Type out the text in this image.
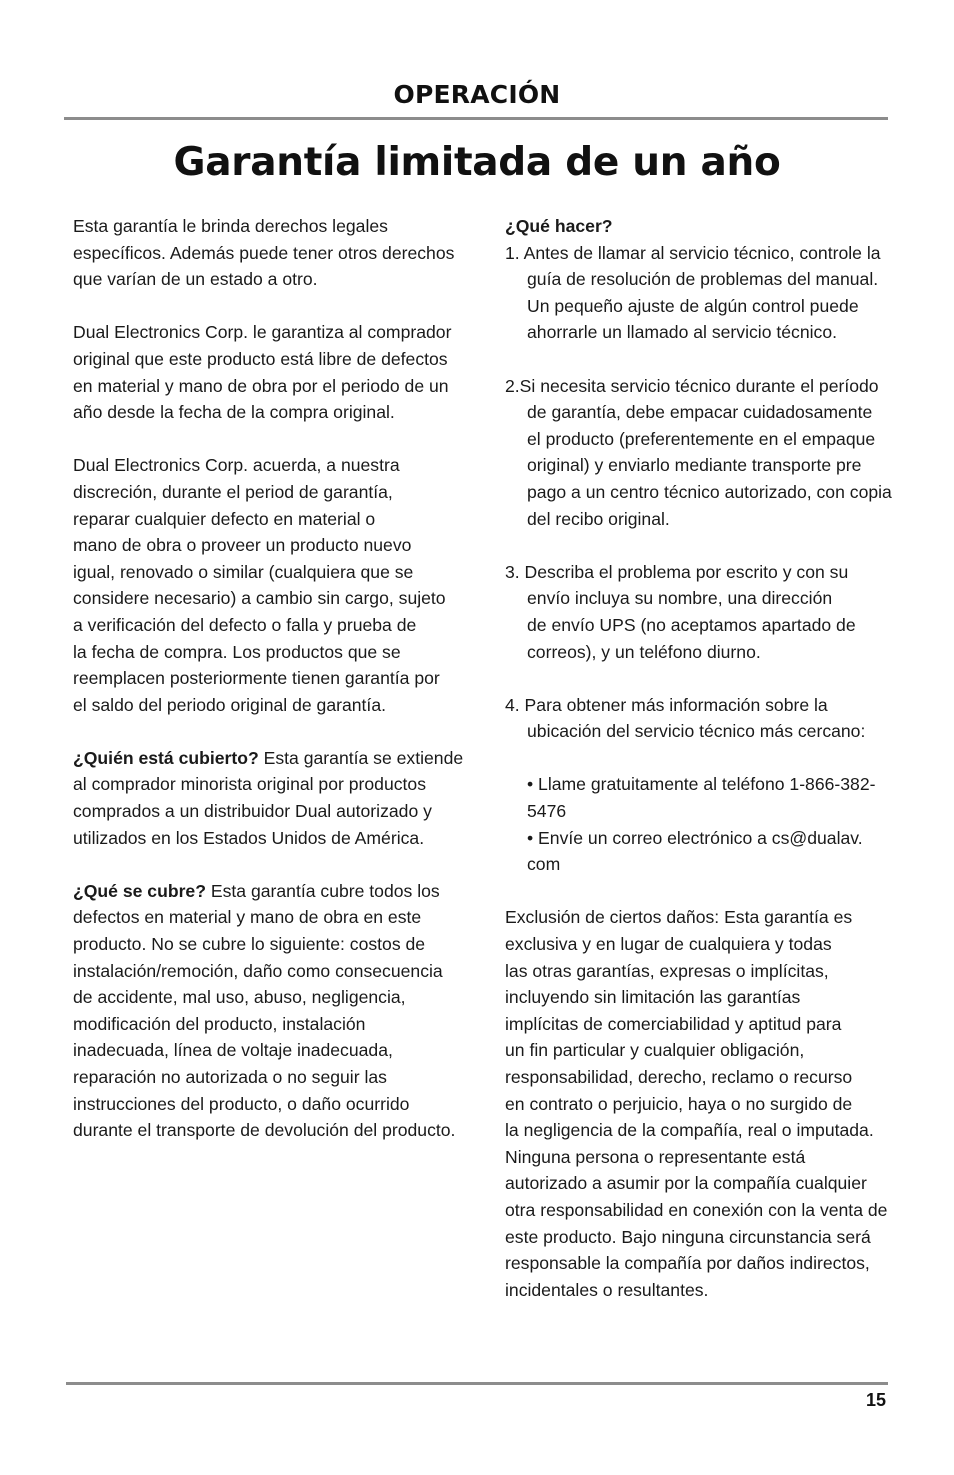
OPERACIÓN
Garantía limitada de un año

Esta garantía le brinda derechos legales
específicos. Además puede tener otros derechos
que varían de un estado a otro.

Dual Electronics Corp. le garantiza al comprador
original que este producto está libre de defectos
en material y mano de obra por el periodo de un
año desde la fecha de la compra original.

Dual Electronics Corp. acuerda, a nuestra
discreción, durante el period de garantía,
reparar cualquier defecto en material o
mano de obra o proveer un producto nuevo
igual, renovado o similar (cualquiera que se
considere necesario) a cambio sin cargo, sujeto
a verificación del defecto o falla y prueba de
la fecha de compra. Los productos que se
reemplacen posteriormente tienen garantía por
el saldo del periodo original de garantía.

¿Quién está cubierto? Esta garantía se extiende
al comprador minorista original por productos
comprados a un distribuidor Dual autorizado y
utilizados en los Estados Unidos de América.

¿Qué se cubre? Esta garantía cubre todos los
defectos en material y mano de obra en este
producto. No se cubre lo siguiente: costos de
instalación/remoción, daño como consecuencia
de accidente, mal uso, abuso, negligencia,
modificación del producto, instalación
inadecuada, línea de voltaje inadecuada,
reparación no autorizada o no seguir las
instrucciones del producto, o daño ocurrido
durante el transporte de devolución del producto.

¿Qué hacer?
1. Antes de llamar al servicio técnico, controle la
guía de resolución de problemas del manual.
Un pequeño ajuste de algún control puede
ahorrarle un llamado al servicio técnico.

2.Si necesita servicio técnico durante el período
de garantía, debe empacar cuidadosamente
el producto (preferentemente en el empaque
original) y enviarlo mediante transporte pre
pago a un centro técnico autorizado, con copia
del recibo original.

3. Describa el problema por escrito y con su
envío incluya su nombre, una dirección
de envío UPS (no aceptamos apartado de
correos), y un teléfono diurno.

4. Para obtener más información sobre la
ubicación del servicio técnico más cercano:

• Llame gratuitamente al teléfono 1-866-382-
5476
• Envíe un correo electrónico a cs@dualav.
com

Exclusión de ciertos daños: Esta garantía es
exclusiva y en lugar de cualquiera y todas
las otras garantías, expresas o implícitas,
incluyendo sin limitación las garantías
implícitas de comerciabilidad y aptitud para
un fin particular y cualquier obligación,
responsabilidad, derecho, reclamo o recurso
en contrato o perjuicio, haya o no surgido de
la negligencia de la compañía, real o imputada.
Ninguna persona o representante está
autorizado a asumir por la compañía cualquier
otra responsabilidad en conexión con la venta de
este producto. Bajo ninguna circunstancia será
responsable la compañía por daños indirectos,
incidentales o resultantes.

15
